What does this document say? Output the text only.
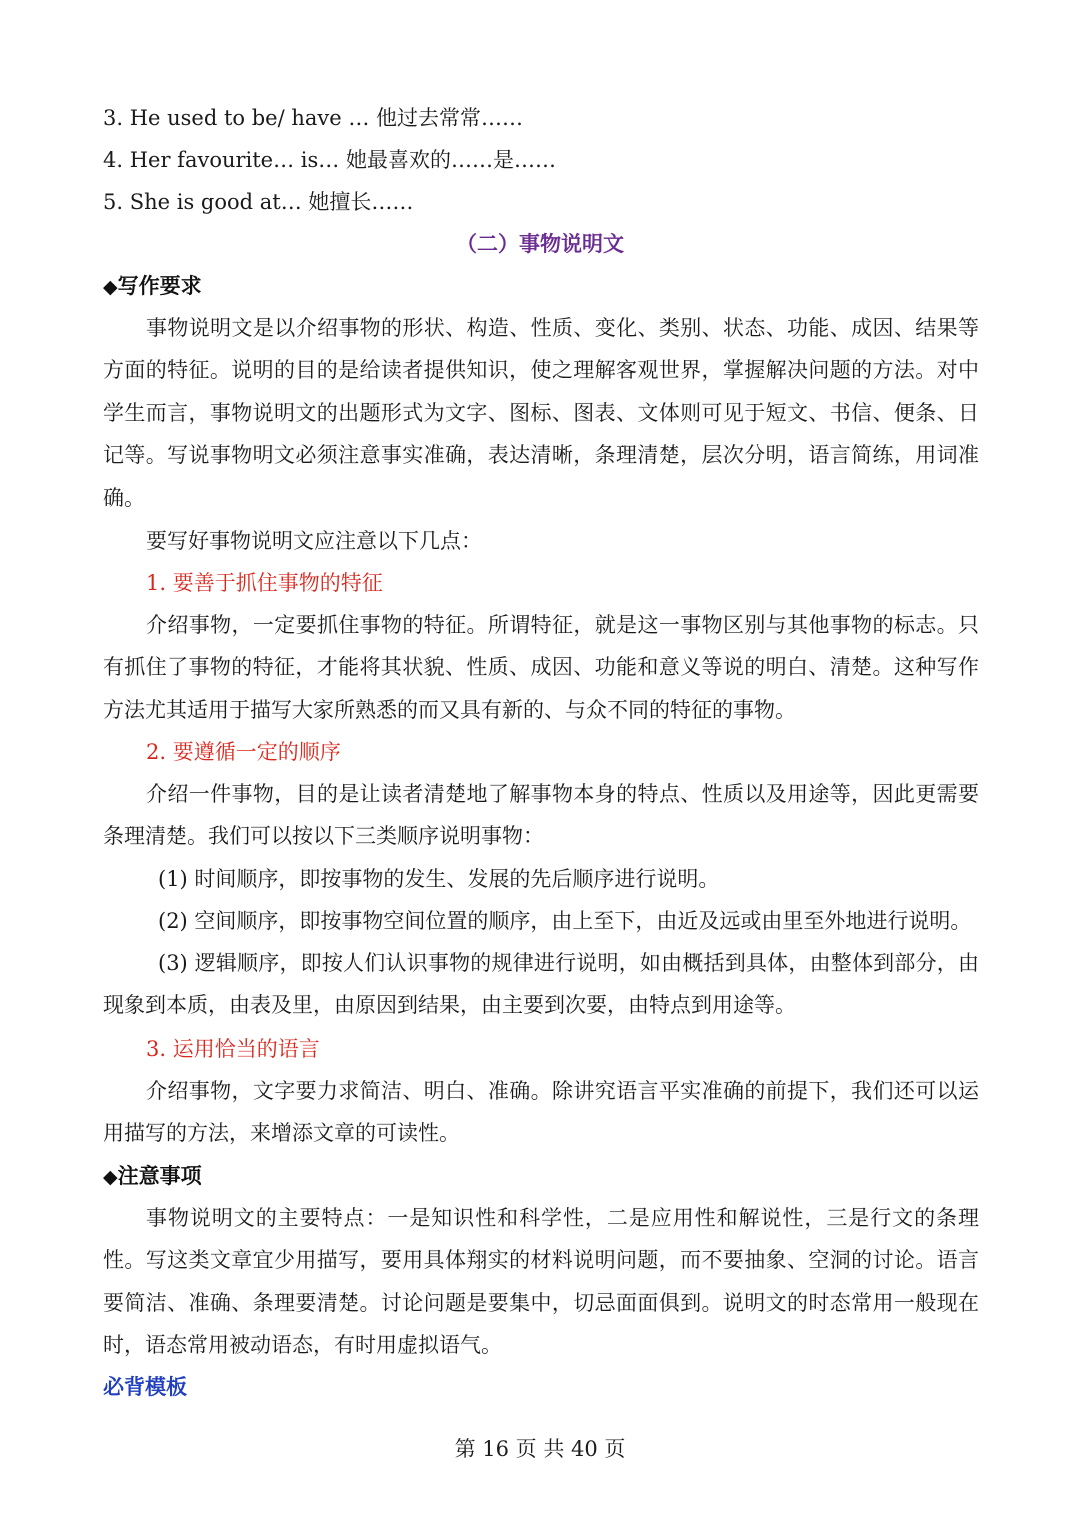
3. He used to be/ have … 他过去常常……
4. Her favourite… is… 她最喜欢的……是……
5. She is good at… 她擅长……
（二）事物说明文
◆写作要求

事物说明文是以介绍事物的形状、构造、性质、变化、类别、状态、功能、成因、结果等方面的特征。说明的目的是给读者提供知识，使之理解客观世界，掌握解决问题的方法。对中学生而言，事物说明文的出题形式为文字、图标、图表、文体则可见于短文、书信、便条、日记等。写说事物明文必须注意事实准确，表达清晰，条理清楚，层次分明，语言简练，用词准确。

要写好事物说明文应注意以下几点：
1. 要善于抓住事物的特征

介绍事物，一定要抓住事物的特征。所谓特征，就是这一事物区别与其他事物的标志。只有抓住了事物的特征，才能将其状貌、性质、成因、功能和意义等说的明白、清楚。这种写作方法尤其适用于描写大家所熟悉的而又具有新的、与众不同的特征的事物。

2. 要遵循一定的顺序

介绍一件事物，目的是让读者清楚地了解事物本身的特点、性质以及用途等，因此更需要条理清楚。我们可以按以下三类顺序说明事物：

(1) 时间顺序，即按事物的发生、发展的先后顺序进行说明。
(2) 空间顺序，即按事物空间位置的顺序，由上至下，由近及远或由里至外地进行说明。

(3) 逻辑顺序，即按人们认识事物的规律进行说明，如由概括到具体，由整体到部分，由现象到本质，由表及里，由原因到结果，由主要到次要，由特点到用途等。

3. 运用恰当的语言

介绍事物，文字要力求简洁、明白、准确。除讲究语言平实准确的前提下，我们还可以运用描写的方法，来增添文章的可读性。

◆注意事项

事物说明文的主要特点：一是知识性和科学性，二是应用性和解说性，三是行文的条理性。写这类文章宜少用描写，要用具体翔实的材料说明问题，而不要抽象、空洞的讨论。语言要简洁、准确、条理要清楚。讨论问题是要集中，切忌面面俱到。说明文的时态常用一般现在时，语态常用被动语态，有时用虚拟语气。

必背模板
第 16 页 共 40 页
